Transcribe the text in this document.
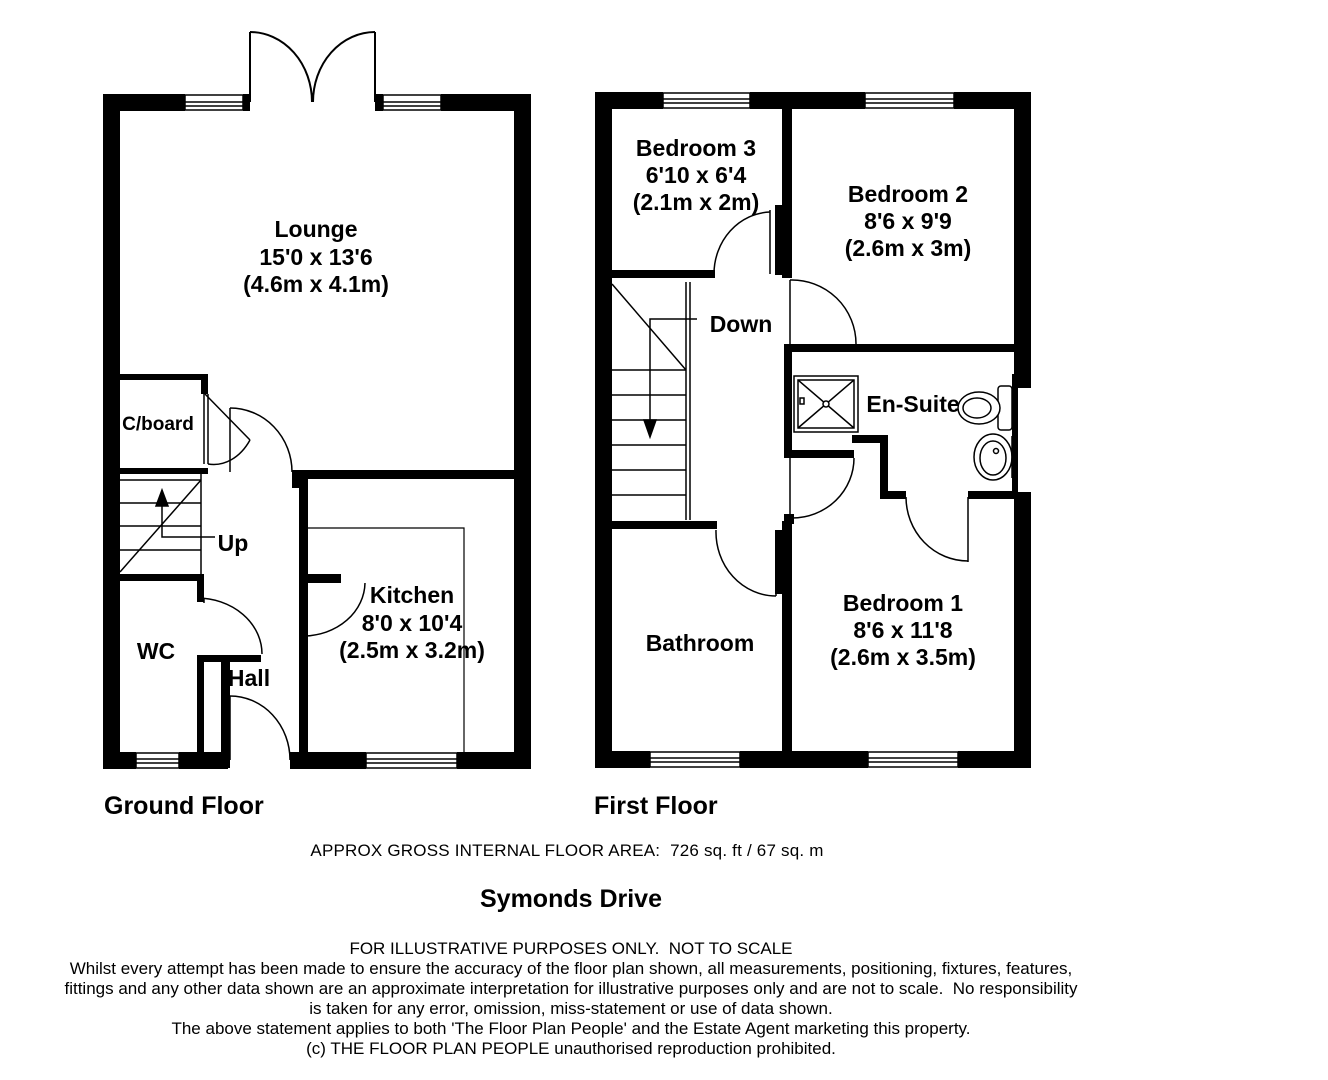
Lounge
15'0 x 13'6
(4.6m x 4.1m)
C/board
Kitchen
8'0 x 10'4
(2.5m x 3.2m)
Up
WC
Hall
Bedroom 3
6'10 x 6'4
(2.1m x 2m)	Bedroom 2
8'6 x 9'9
(2.6m x 3m)
Down
En-Suite
Bathroom
Bedroom 1
8'6 x 11'8
(2.6m x 3.5m)
Ground Floor	First Floor
APPROX GROSS INTERNAL FLOOR AREA:  726 sq. ft / 67 sq. m
Symonds Drive
FOR ILLUSTRATIVE PURPOSES ONLY.  NOT TO SCALE
Whilst every attempt has been made to ensure the accuracy of the floor plan shown, all measurements, positioning, fixtures, features,
fittings and any other data shown are an approximate interpretation for illustrative purposes only and are not to scale.  No responsibility
is taken for any error, omission, miss-statement or use of data shown.
The above statement applies to both 'The Floor Plan People' and the Estate Agent marketing this property.
(c) THE FLOOR PLAN PEOPLE unauthorised reproduction prohibited.
